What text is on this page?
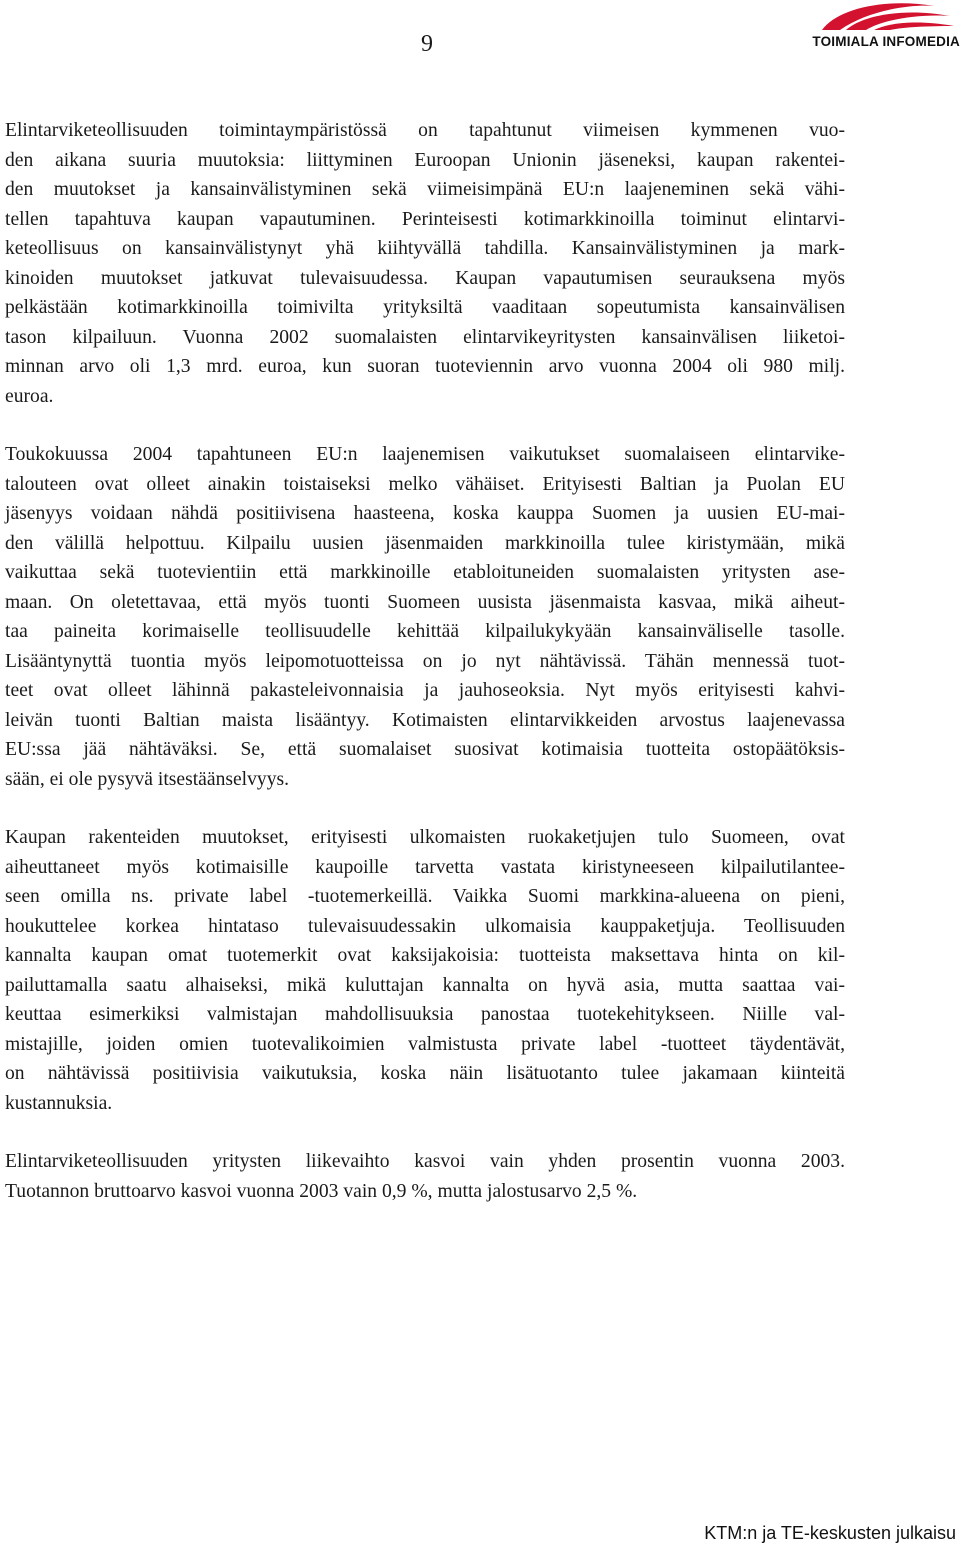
9	TOIMIALA INFOMEDIA

Elintarviketeollisuuden toimintaympäristössä on tapahtunut viimeisen kymmenen vuo-
den aikana suuria muutoksia: liittyminen Euroopan Unionin jäseneksi, kaupan rakentei-
den muutokset ja kansainvälistyminen sekä viimeisimpänä EU:n laajeneminen sekä vähi-
tellen tapahtuva kaupan vapautuminen. Perinteisesti kotimarkkinoilla toiminut elintarvi-
keteollisuus on kansainvälistynyt yhä kiihtyvällä tahdilla. Kansainvälistyminen ja mark-
kinoiden muutokset jatkuvat tulevaisuudessa. Kaupan vapautumisen seurauksena myös
pelkästään kotimarkkinoilla toimivilta yrityksiltä vaaditaan sopeutumista kansainvälisen
tason kilpailuun. Vuonna 2002 suomalaisten elintarvikeyritysten kansainvälisen liiketoi-
minnan arvo oli 1,3 mrd. euroa, kun suoran tuoteviennin arvo vuonna 2004 oli 980 milj.
euroa.

Toukokuussa 2004 tapahtuneen EU:n laajenemisen vaikutukset suomalaiseen elintarvike-
talouteen ovat olleet ainakin toistaiseksi melko vähäiset. Erityisesti Baltian ja Puolan EU
jäsenyys voidaan nähdä positiivisena haasteena, koska kauppa Suomen ja uusien EU-mai-
den välillä helpottuu. Kilpailu uusien jäsenmaiden markkinoilla tulee kiristymään, mikä
vaikuttaa sekä tuotevientiin että markkinoille etabloituneiden suomalaisten yritysten ase-
maan. On oletettavaa, että myös tuonti Suomeen uusista jäsenmaista kasvaa, mikä aiheut-
taa paineita korimaiselle teollisuudelle kehittää kilpailukykyään kansainväliselle tasolle.
Lisääntynyttä tuontia myös leipomotuotteissa on jo nyt nähtävissä. Tähän mennessä tuot-
teet ovat olleet lähinnä pakasteleivonnaisia ja jauhoseoksia. Nyt myös erityisesti kahvi-
leivän tuonti Baltian maista lisääntyy. Kotimaisten elintarvikkeiden arvostus laajenevassa
EU:ssa jää nähtäväksi. Se, että suomalaiset suosivat kotimaisia tuotteita ostopäätöksis-
sään, ei ole pysyvä itsestäänselvyys.

Kaupan rakenteiden muutokset, erityisesti ulkomaisten ruokaketjujen tulo Suomeen, ovat
aiheuttaneet myös kotimaisille kaupoille tarvetta vastata kiristyneeseen kilpailutilantee-
seen omilla ns. private label -tuotemerkeillä. Vaikka Suomi markkina-alueena on pieni,
houkuttelee korkea hintataso tulevaisuudessakin ulkomaisia kauppaketjuja. Teollisuuden
kannalta kaupan omat tuotemerkit ovat kaksijakoisia: tuotteista maksettava hinta on kil-
pailuttamalla saatu alhaiseksi, mikä kuluttajan kannalta on hyvä asia, mutta saattaa vai-
keuttaa esimerkiksi valmistajan mahdollisuuksia panostaa tuotekehitykseen. Niille val-
mistajille, joiden omien tuotevalikoimien valmistusta private label -tuotteet täydentävät,
on nähtävissä positiivisia vaikutuksia, koska näin lisätuotanto tulee jakamaan kiinteitä
kustannuksia.

Elintarviketeollisuuden yritysten liikevaihto kasvoi vain yhden prosentin vuonna 2003.
Tuotannon bruttoarvo kasvoi vuonna 2003 vain 0,9 %, mutta jalostusarvo 2,5 %.

KTM:n ja TE-keskusten julkaisu
